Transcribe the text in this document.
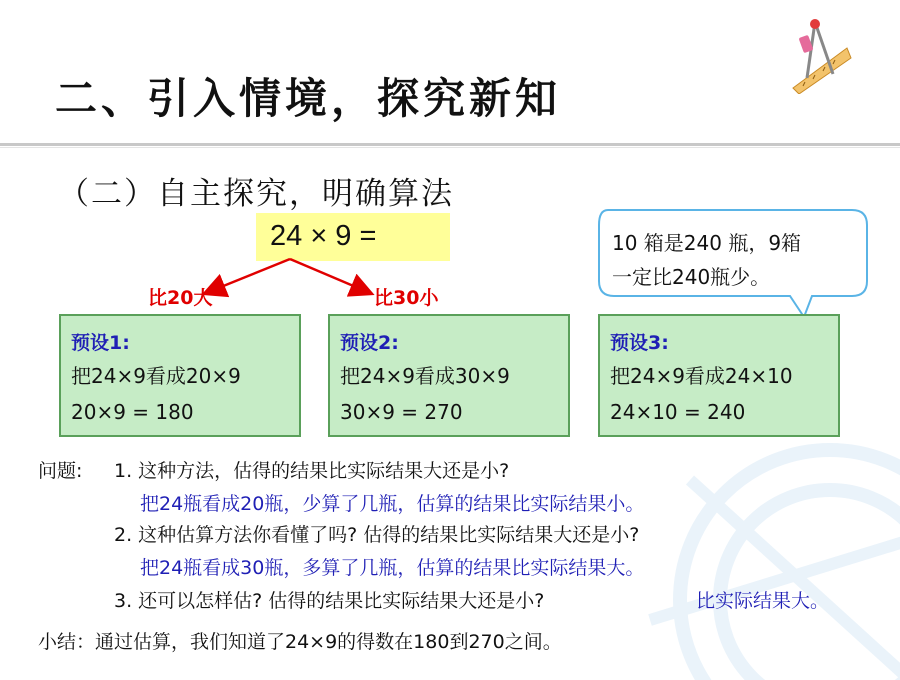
二、引入情境，探究新知
（二）自主探究，明确算法
24 × 9 =
比20大	比30小
10 箱是240 瓶，9箱
一定比240瓶少。
预设1:
把24×9看成20×9
20×9 = 180
预设2:
把24×9看成30×9
30×9 = 270
预设3:
把24×9看成24×10
24×10 = 240
问题: 1. 这种方法，估得的结果比实际结果大还是小?
把24瓶看成20瓶，少算了几瓶，估算的结果比实际结果小。
2. 这种估算方法你看懂了吗? 估得的结果比实际结果大还是小?
把24瓶看成30瓶，多算了几瓶，估算的结果比实际结果大。
3. 还可以怎样估? 估得的结果比实际结果大还是小?	比实际结果大。
小结：通过估算，我们知道了24×9的得数在180到270之间。
